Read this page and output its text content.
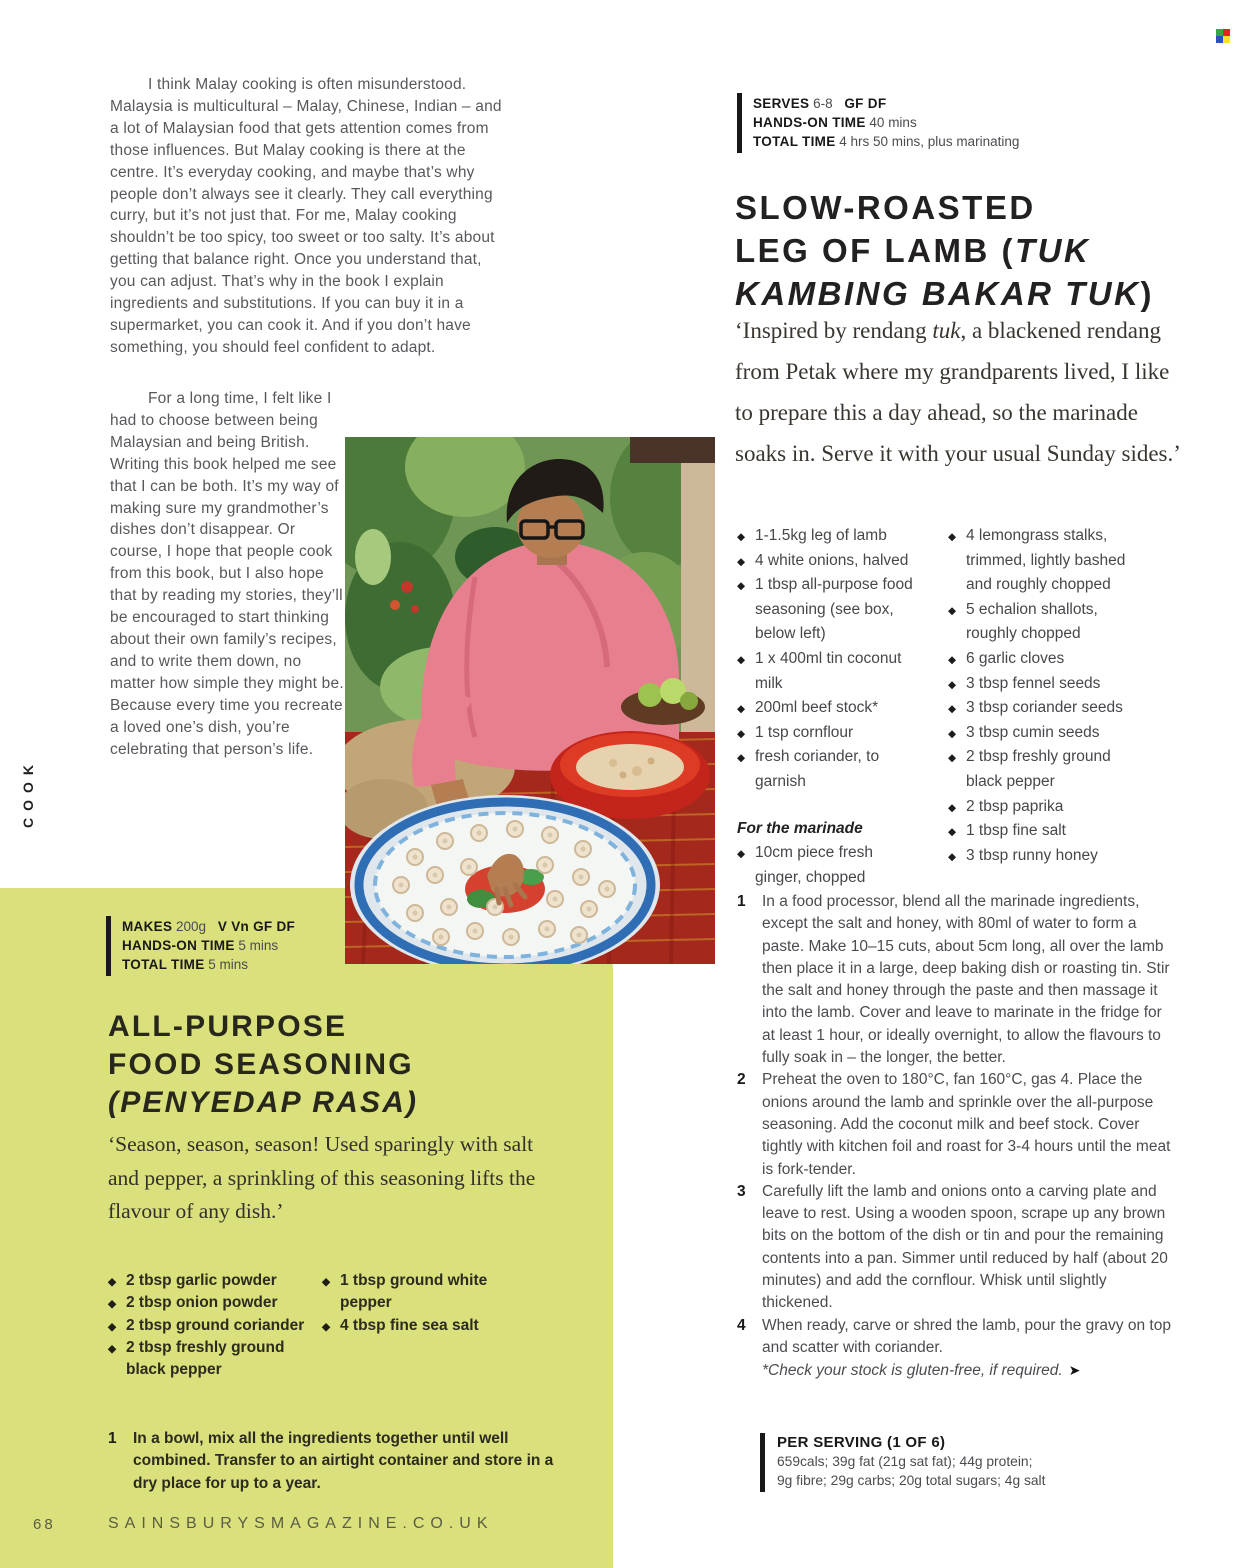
COOK
I think Malay cooking is often misunderstood. Malaysia is multicultural – Malay, Chinese, Indian – and a lot of Malaysian food that gets attention comes from those influences. But Malay cooking is there at the centre. It’s everyday cooking, and maybe that’s why people don’t always see it clearly. They call everything curry, but it’s not just that. For me, Malay cooking shouldn’t be too spicy, too sweet or too salty. It’s about getting that balance right. Once you understand that, you can adjust. That’s why in the book I explain ingredients and substitutions. If you can buy it in a supermarket, you can cook it. And if you don’t have something, you should feel confident to adapt.
For a long time, I felt like I had to choose between being Malaysian and being British. Writing this book helped me see that I can be both. It’s my way of making sure my grandmother’s dishes don’t disappear. Or course, I hope that people cook from this book, but I also hope that by reading my stories, they’ll be encouraged to start thinking about their own family’s recipes, and to write them down, no matter how simple they might be. Because every time you recreate a loved one’s dish, you’re celebrating that person’s life.
SERVES 6-8 GF DF
HANDS-ON TIME 40 mins
TOTAL TIME 4 hrs 50 mins, plus marinating
SLOW-ROASTED
LEG OF LAMB (TUK
KAMBING BAKAR TUK)
‘Inspired by rendang tuk, a blackened rendang from Petak where my grandparents lived, I like to prepare this a day ahead, so the marinade soaks in. Serve it with your usual Sunday sides.’
◆ 1-1.5kg leg of lamb
◆ 4 white onions, halved
◆ 1 tbsp all-purpose food seasoning (see box, below left)
◆ 1 x 400ml tin coconut milk
◆ 200ml beef stock*
◆ 1 tsp cornflour
◆ fresh coriander, to garnish
For the marinade
◆ 10cm piece fresh ginger, chopped
◆ 4 lemongrass stalks, trimmed, lightly bashed and roughly chopped
◆ 5 echalion shallots, roughly chopped
◆ 6 garlic cloves
◆ 3 tbsp fennel seeds
◆ 3 tbsp coriander seeds
◆ 3 tbsp cumin seeds
◆ 2 tbsp freshly ground black pepper
◆ 2 tbsp paprika
◆ 1 tbsp fine salt
◆ 3 tbsp runny honey
1 In a food processor, blend all the marinade ingredients, except the salt and honey, with 80ml of water to form a paste. Make 10–15 cuts, about 5cm long, all over the lamb then place it in a large, deep baking dish or roasting tin. Stir the salt and honey through the paste and then massage it into the lamb. Cover and leave to marinate in the fridge for at least 1 hour, or ideally overnight, to allow the flavours to fully soak in – the longer, the better.
2 Preheat the oven to 180°C, fan 160°C, gas 4. Place the onions around the lamb and sprinkle over the all-purpose seasoning. Add the coconut milk and beef stock. Cover tightly with kitchen foil and roast for 3-4 hours until the meat is fork-tender.
3 Carefully lift the lamb and onions onto a carving plate and leave to rest. Using a wooden spoon, scrape up any brown bits on the bottom of the dish or tin and pour the remaining contents into a pan. Simmer until reduced by half (about 20 minutes) and add the cornflour. Whisk until slightly thickened.
4 When ready, carve or shred the lamb, pour the gravy on top and scatter with coriander.
*Check your stock is gluten-free, if required. ➤
PER SERVING (1 OF 6)
659cals; 39g fat (21g sat fat); 44g protein;
9g fibre; 29g carbs; 20g total sugars; 4g salt
MAKES 200g V Vn GF DF
HANDS-ON TIME 5 mins
TOTAL TIME 5 mins
ALL-PURPOSE
FOOD SEASONING
(PENYEDAP RASA)
‘Season, season, season! Used sparingly with salt and pepper, a sprinkling of this seasoning lifts the flavour of any dish.’
◆ 2 tbsp garlic powder
◆ 2 tbsp onion powder
◆ 2 tbsp ground coriander
◆ 2 tbsp freshly ground black pepper
◆ 1 tbsp ground white pepper
◆ 4 tbsp fine sea salt
1 In a bowl, mix all the ingredients together until well combined. Transfer to an airtight container and store in a dry place for up to a year.
68	SAINSBURYSMAGAZINE.CO.UK
